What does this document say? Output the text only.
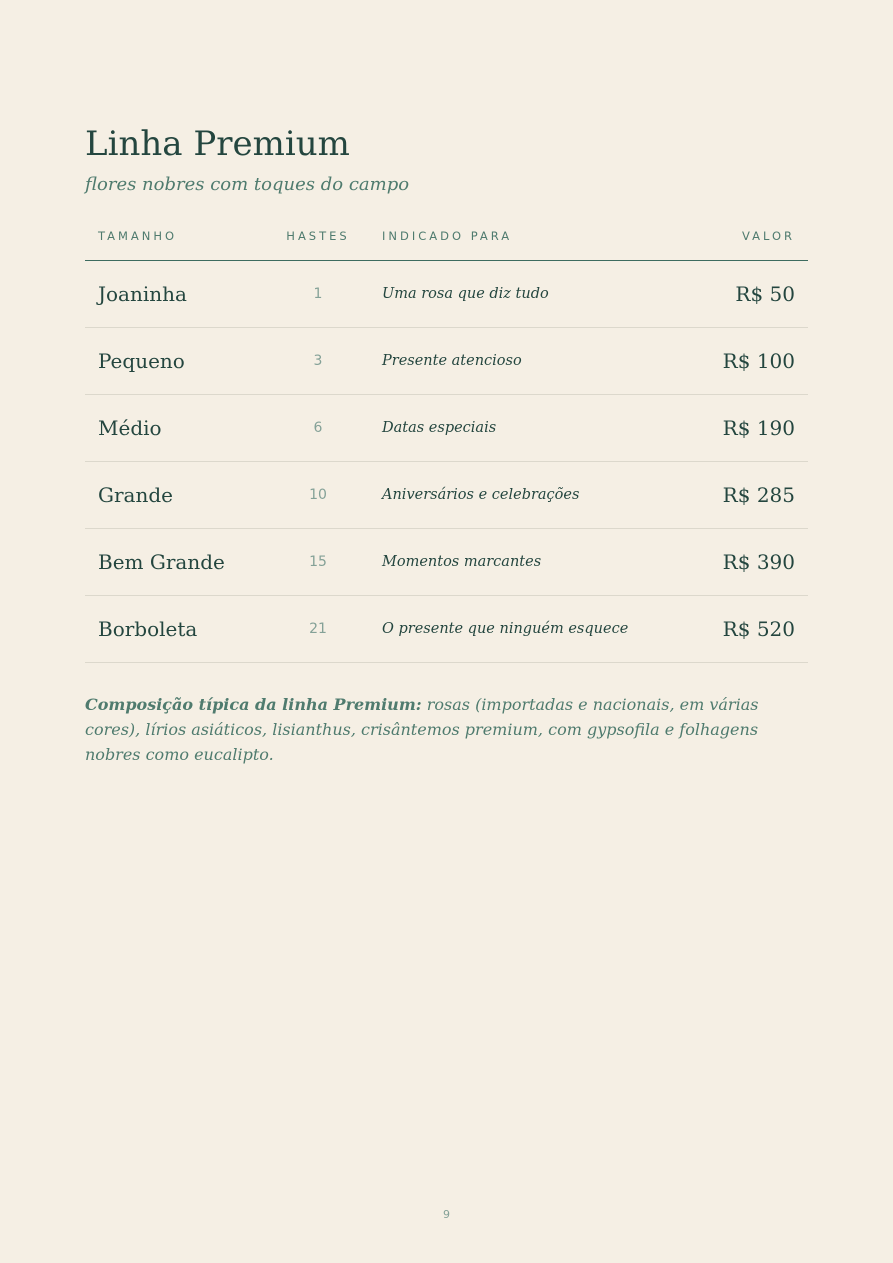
Linha Premium

flores nobres com toques do campo

TAMANHO	HASTES	INDICADO PARA	VALOR
Joaninha	1	Uma rosa que diz tudo	R$ 50
Pequeno	3	Presente atencioso	R$ 100
Médio	6	Datas especiais	R$ 190
Grande	10	Aniversários e celebrações	R$ 285
Bem Grande	15	Momentos marcantes	R$ 390
Borboleta	21	O presente que ninguém esquece	R$ 520

Composição típica da linha Premium: rosas (importadas e nacionais, em várias cores), lírios asiáticos, lisianthus, crisântemos premium, com gypsofila e folhagens nobres como eucalipto.

9
